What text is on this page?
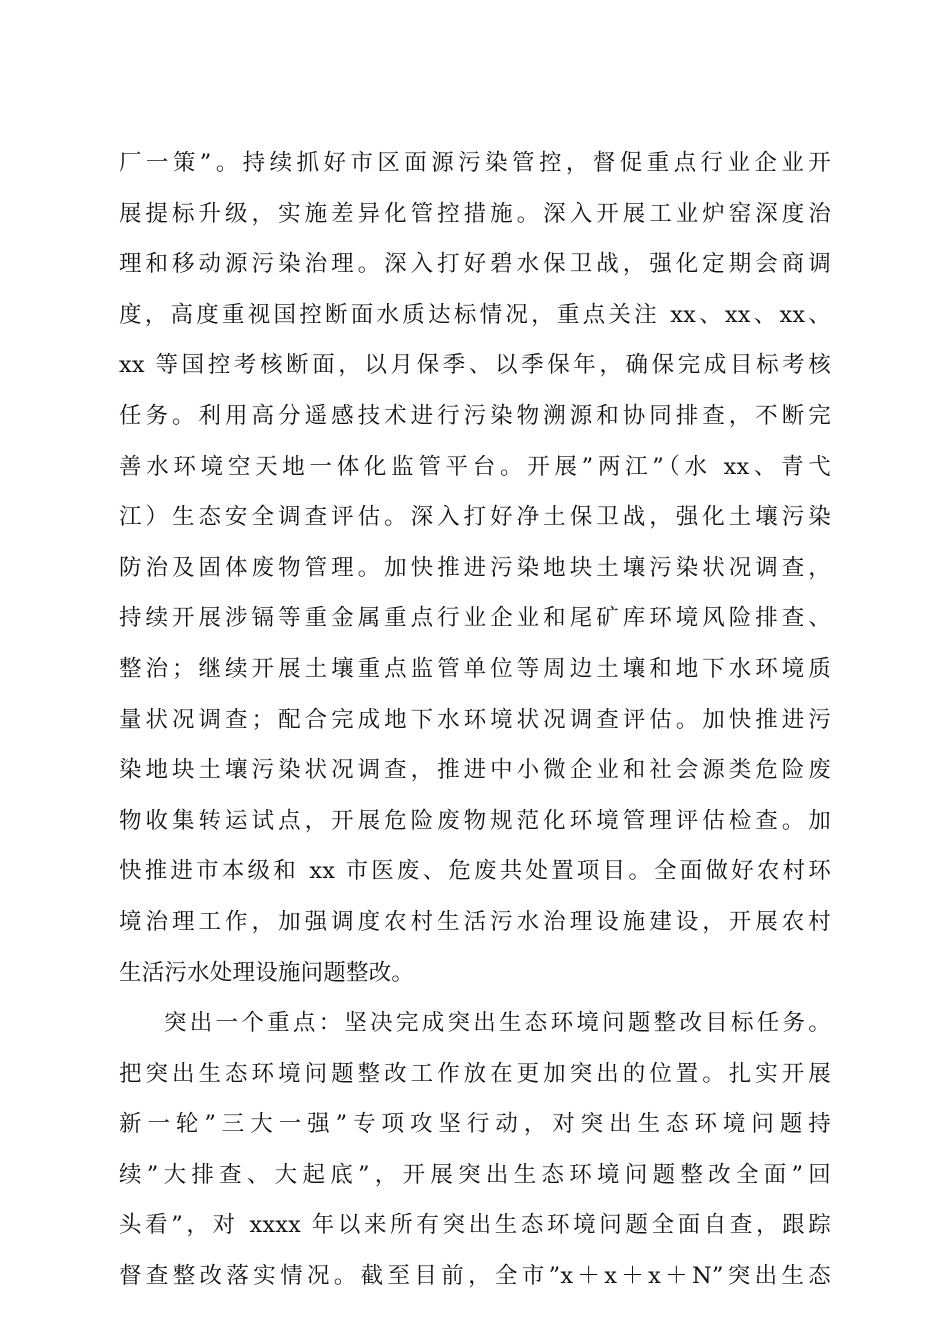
厂一策”。持续抓好市区面源污染管控，督促重点行业企业开
展提标升级，实施差异化管控措施。深入开展工业炉窑深度治
理和移动源污染治理。深入打好碧水保卫战，强化定期会商调
度，高度重视国控断面水质达标情况，重点关注 xx、xx、xx、
xx 等国控考核断面，以月保季、以季保年，确保完成目标考核
任务。利用高分遥感技术进行污染物溯源和协同排查，不断完
善水环境空天地一体化监管平台。开展”两江”（水 xx、青弋
江）生态安全调查评估。深入打好净土保卫战，强化土壤污染
防治及固体废物管理。加快推进污染地块土壤污染状况调查，
持续开展涉镉等重金属重点行业企业和尾矿库环境风险排查、
整治；继续开展土壤重点监管单位等周边土壤和地下水环境质
量状况调查；配合完成地下水环境状况调查评估。加快推进污
染地块土壤污染状况调查，推进中小微企业和社会源类危险废
物收集转运试点，开展危险废物规范化环境管理评估检查。加
快推进市本级和 xx 市医废、危废共处置项目。全面做好农村环
境治理工作，加强调度农村生活污水治理设施建设，开展农村
生活污水处理设施问题整改。
突出一个重点：坚决完成突出生态环境问题整改目标任务。
把突出生态环境问题整改工作放在更加突出的位置。扎实开展
新一轮”三大一强”专项攻坚行动，对突出生态环境问题持
续”大排查、大起底”，开展突出生态环境问题整改全面”回
头看”，对 xxxx 年以来所有突出生态环境问题全面自查，跟踪
督查整改落实情况。截至目前，全市”x＋x＋x＋N”突出生态
